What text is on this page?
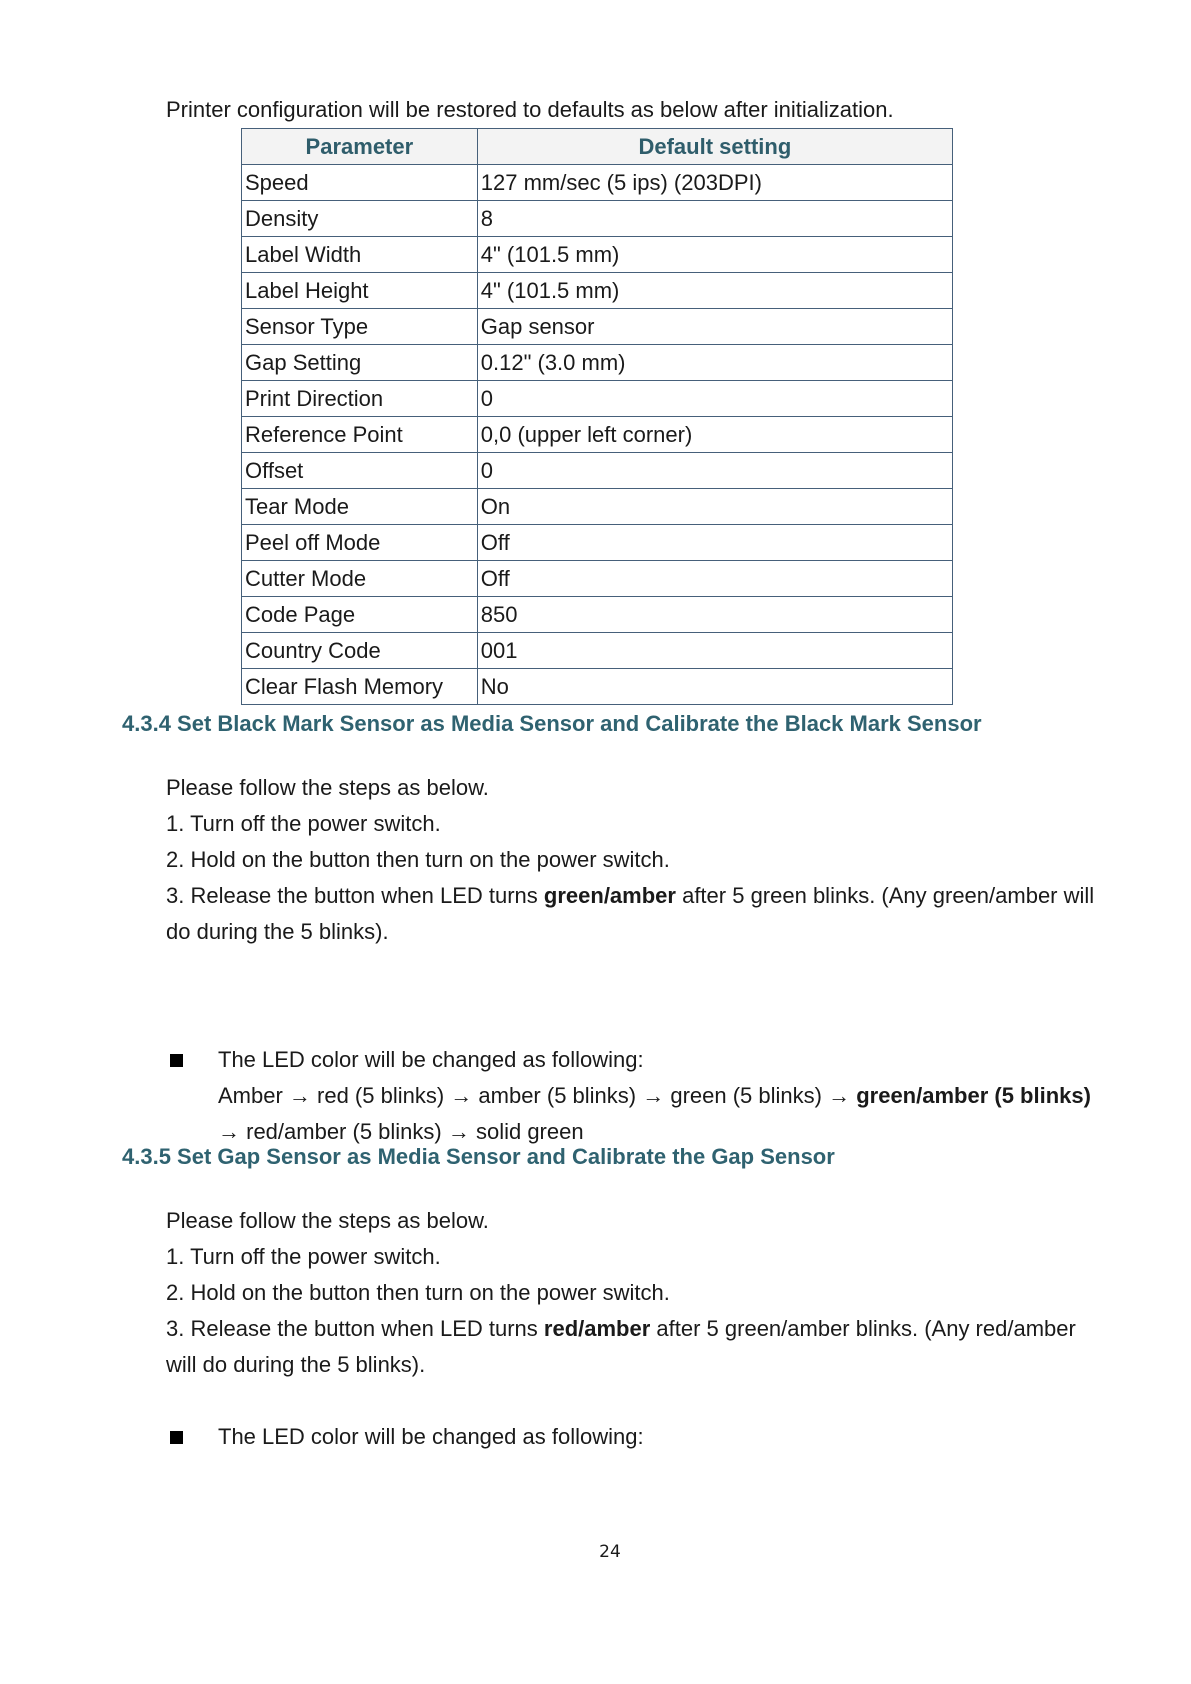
Printer configuration will be restored to defaults as below after initialization.
Parameter	Default setting
Speed	127 mm/sec (5 ips) (203DPI)
Density	8
Label Width	4" (101.5 mm)
Label Height	4" (101.5 mm)
Sensor Type	Gap sensor
Gap Setting	0.12" (3.0 mm)
Print Direction	0
Reference Point	0,0 (upper left corner)
Offset	0
Tear Mode	On
Peel off Mode	Off
Cutter Mode	Off
Code Page	850
Country Code	001
Clear Flash Memory	No
4.3.4 Set Black Mark Sensor as Media Sensor and Calibrate the Black Mark Sensor

Please follow the steps as below.

1. Turn off the power switch.

2. Hold on the button then turn on the power switch.

3. Release the button when LED turns green/amber after 5 green blinks. (Any green/amber will do during the 5 blinks).

The LED color will be changed as following:

Amber → red (5 blinks) → amber (5 blinks) → green (5 blinks) → green/amber (5 blinks)

→ red/amber (5 blinks) → solid green

4.3.5 Set Gap Sensor as Media Sensor and Calibrate the Gap Sensor

Please follow the steps as below.

1. Turn off the power switch.

2. Hold on the button then turn on the power switch.

3. Release the button when LED turns red/amber after 5 green/amber blinks. (Any red/amber will do during the 5 blinks).

The LED color will be changed as following:

24
